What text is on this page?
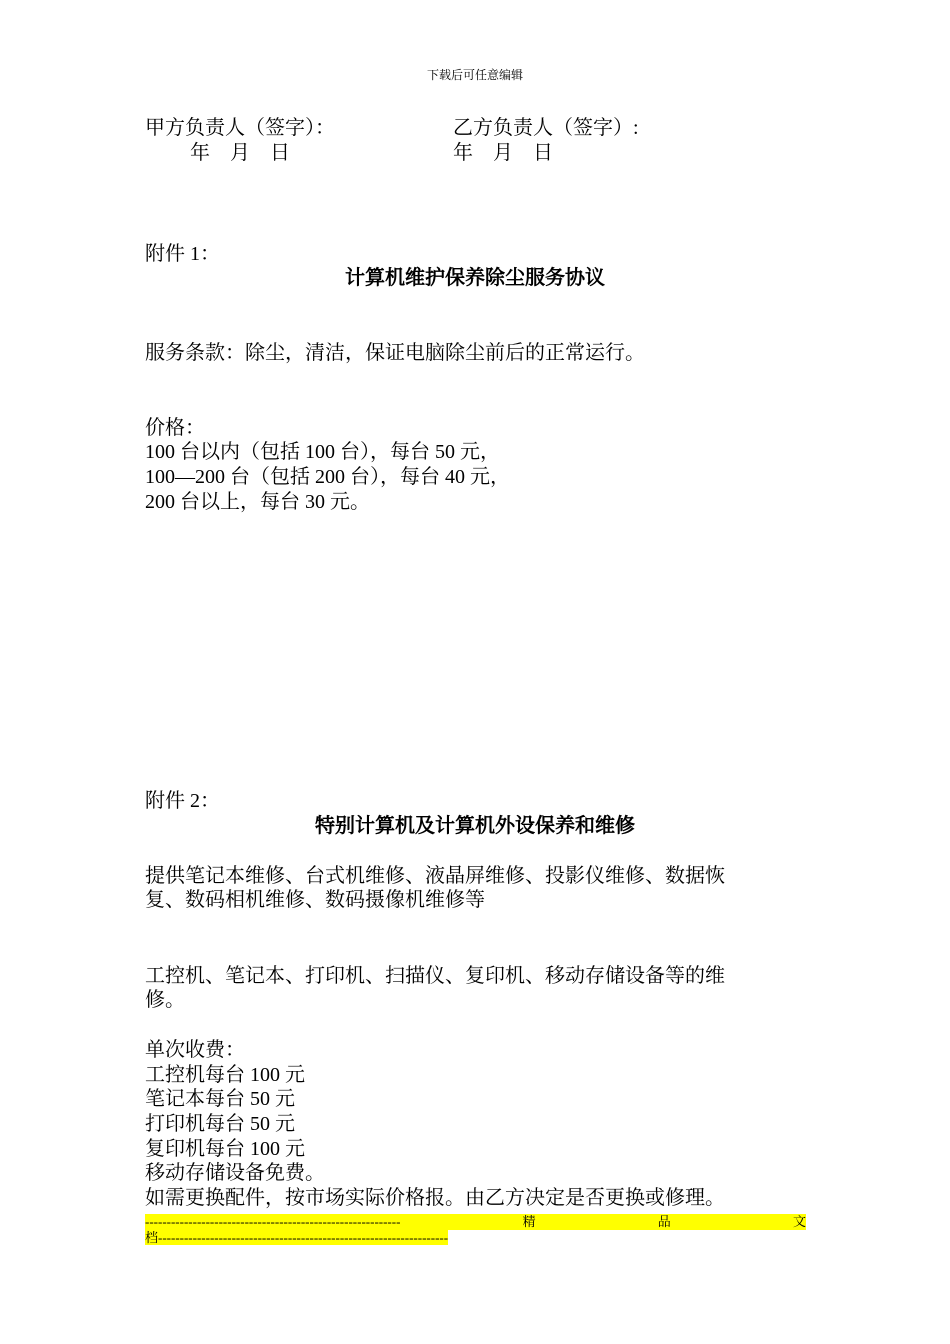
下载后可任意编辑
甲方负责人（签字）：	乙方负责人（签字）:
年　月　日	年　月　日
附件 1：
计算机维护保养除尘服务协议
服务条款：除尘，清洁，保证电脑除尘前后的正常运行。
价格：
100 台以内（包括 100 台），每台 50 元，
100—200 台（包括 200 台），每台 40 元，
200 台以上，每台 30 元。
附件 2：
特别计算机及计算机外设保养和维修
提供笔记本维修、台式机维修、液晶屏维修、投影仪维修、数据恢
复、数码相机维修、数码摄像机维修等
工控机、笔记本、打印机、扫描仪、复印机、移动存储设备等的维
修。
单次收费：
工控机每台 100 元
笔记本每台 50 元
打印机每台 50 元
复印机每台 100 元
移动存储设备免费。
如需更换配件，按市场实际价格报。由乙方决定是否更换或修理。
-----------------------------------------------------------	精	品	文
档-------------------------------------------------------------------
